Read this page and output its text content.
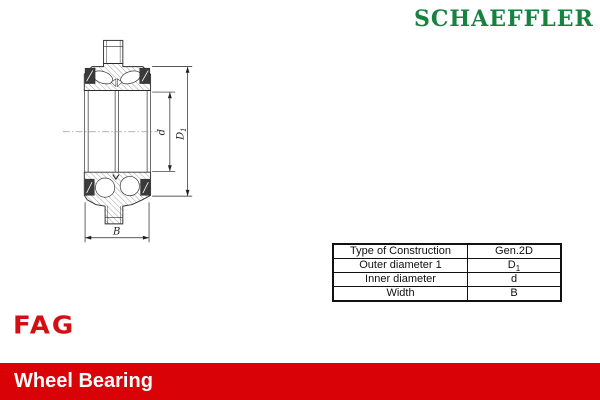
SCHAEFFLER
$D_1$
d
B
Type of Construction	Gen.2D
Outer diameter 1	$D_1$
Inner diameter	d
Width	B
FAG
Wheel Bearing
